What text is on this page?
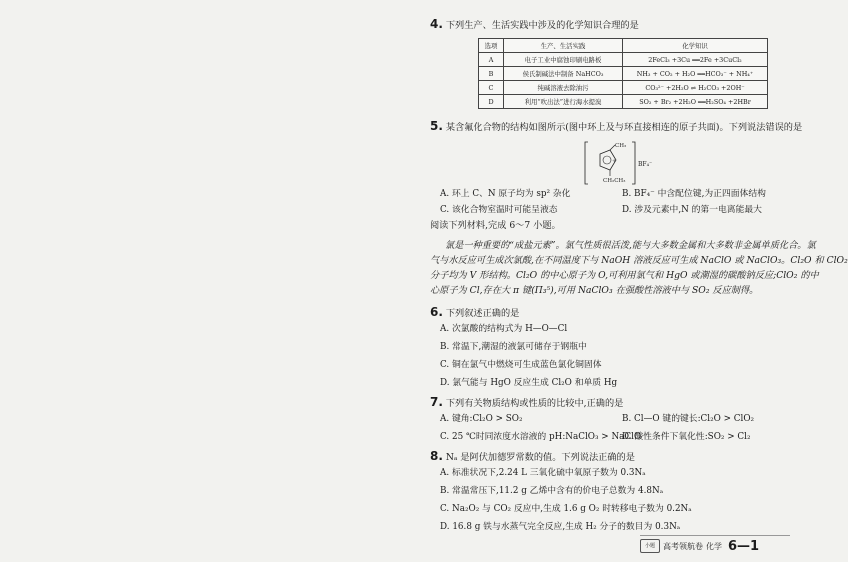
4. 下列生产、生活实践中涉及的化学知识合理的是
选项	生产、生活实践	化学知识
A	电子工业中腐蚀印刷电路板	2FeCl₃ +3Cu ══2Fe +3CuCl₂
B	侯氏制碱法中制备 NaHCO₃	NH₃ + CO₂ + H₂O ══HCO₃⁻ + NH₄⁺
C	纯碱溶液去除油污	CO₃²⁻ +2H₂O ⇌ H₂CO₃ +2OH⁻
D	利用“吹出法”进行海水提溴	SO₂ + Br₂ +2H₂O ══H₂SO₄ +2HBr
5. 某含氟化合物的结构如图所示(图中环上及与环直接相连的原子共面)。下列说法错误的是
+
CH₃
CH₂CH₃
BF₄⁻
A. 环上 C、N 原子均为 sp² 杂化	B. BF₄⁻ 中含配位键,为正四面体结构
C. 该化合物室温时可能呈液态	D. 涉及元素中,N 的第一电离能最大
阅读下列材料,完成 6～7 小题。
氯是一种重要的“成盐元素”。氯气性质很活泼,能与大多数金属和大多数非金属单质化合。氯
气与水反应可生成次氯酸,在不同温度下与 NaOH 溶液反应可生成 NaClO 或 NaClO₃。Cl₂O 和 ClO₂
分子均为 V 形结构。Cl₂O 的中心原子为 O,可利用氯气和 HgO 或潮湿的碳酸钠反应;ClO₂ 的中
心原子为 Cl,存在大 π 键(Π₃⁵),可用 NaClO₃ 在强酸性溶液中与 SO₂ 反应制得。
6. 下列叙述正确的是
A. 次氯酸的结构式为 H—O—Cl
B. 常温下,潮湿的液氯可储存于钢瓶中
C. 铜在氯气中燃烧可生成蓝色氯化铜固体
D. 氯气能与 HgO 反应生成 Cl₂O 和单质 Hg
7. 下列有关物质结构或性质的比较中,正确的是
A. 键角:Cl₂O > SO₂	B. Cl—O 键的键长:Cl₂O > ClO₂
C. 25 ℃时同浓度水溶液的 pH:NaClO₃ > NaClO
D. 酸性条件下氧化性:SO₂ > Cl₂
8. Nₐ 是阿伏加德罗常数的值。下列说法正确的是
A. 标准状况下,2.24 L 三氧化硫中氧原子数为 0.3Nₐ
B. 常温常压下,11.2 g 乙烯中含有的价电子总数为 4.8Nₐ
C. Na₂O₂ 与 CO₂ 反应中,生成 1.6 g O₂ 时转移电子数为 0.2Nₐ
D. 16.8 g 铁与水蒸气完全反应,生成 H₂ 分子的数目为 0.3Nₐ
小题	高考领航卷 化学 6—1
